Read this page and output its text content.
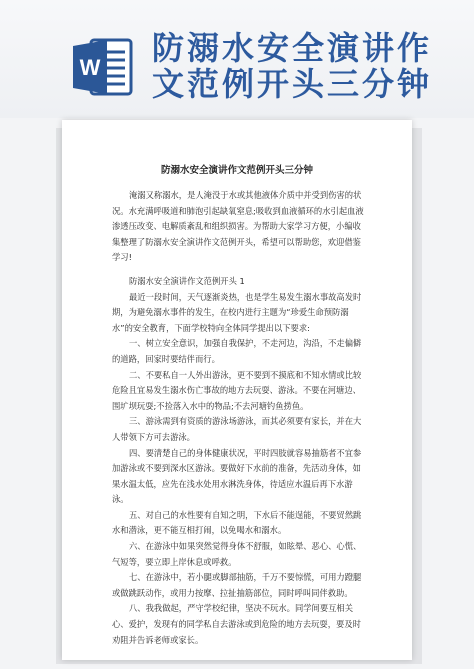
W
防溺水安全演讲作
文范例开头三分钟
防溺水安全演讲作文范例开头三分钟

淹溺又称溺水，是人淹没于水或其他液体介质中并受到伤害的状况。水充满呼吸道和肺泡引起缺氧窒息;吸收到血液循环的水引起血液渗透压改变、电解质紊乱和组织损害。为帮助大家学习方便，小编收集整理了防溺水安全演讲作文范例开头，希望可以帮助您，欢迎借鉴学习!

防溺水安全演讲作文范例开头 1

最近一段时间，天气逐渐炎热，也是学生易发生溺水事故高发时期，为避免溺水事件的发生，在校内进行主题为“珍爱生命预防溺水”的安全教育，下面学校特向全体同学提出以下要求:

一、树立安全意识，加强自我保护，不走河边，沟沿，不走偏僻的道路，回家时要结伴而行。

二、不要私自一人外出游泳，更不要到不摸底和不知水情或比较危险且宜易发生溺水伤亡事故的地方去玩耍、游泳。不要在河塘边、围圹坝玩耍;不捡落入水中的物品;不去河塘钓鱼捞鱼。

三、游泳需到有资质的游泳场游泳，而其必须要有家长，并在大人带领下方可去游泳。

四、要清楚自己的身体健康状况，平时四肢就容易抽筋者不宜参加游泳或不要到深水区游泳。要做好下水前的准备，先活动身体，如果水温太低，应先在浅水处用水淋洗身体，待适应水温后再下水游泳。

五、对自己的水性要有自知之明，下水后不能逞能，不要贸然跳水和潜泳，更不能互相打闹，以免喝水和溺水。

六、在游泳中如果突然觉得身体不舒服，如眩晕、恶心、心慌、气短等，要立即上岸休息或呼救。

七、在游泳中，若小腿或脚部抽筋，千万不要惊慌，可用力蹬腿或做跳跃动作，或用力按摩、拉扯抽筋部位，同时呼叫同伴救助。

八、我我做起，严守学校纪律，坚决不玩水。同学间要互相关心、爱护，发现有的同学私自去游泳或到危险的地方去玩耍，要及时劝阻并告诉老师或家长。
